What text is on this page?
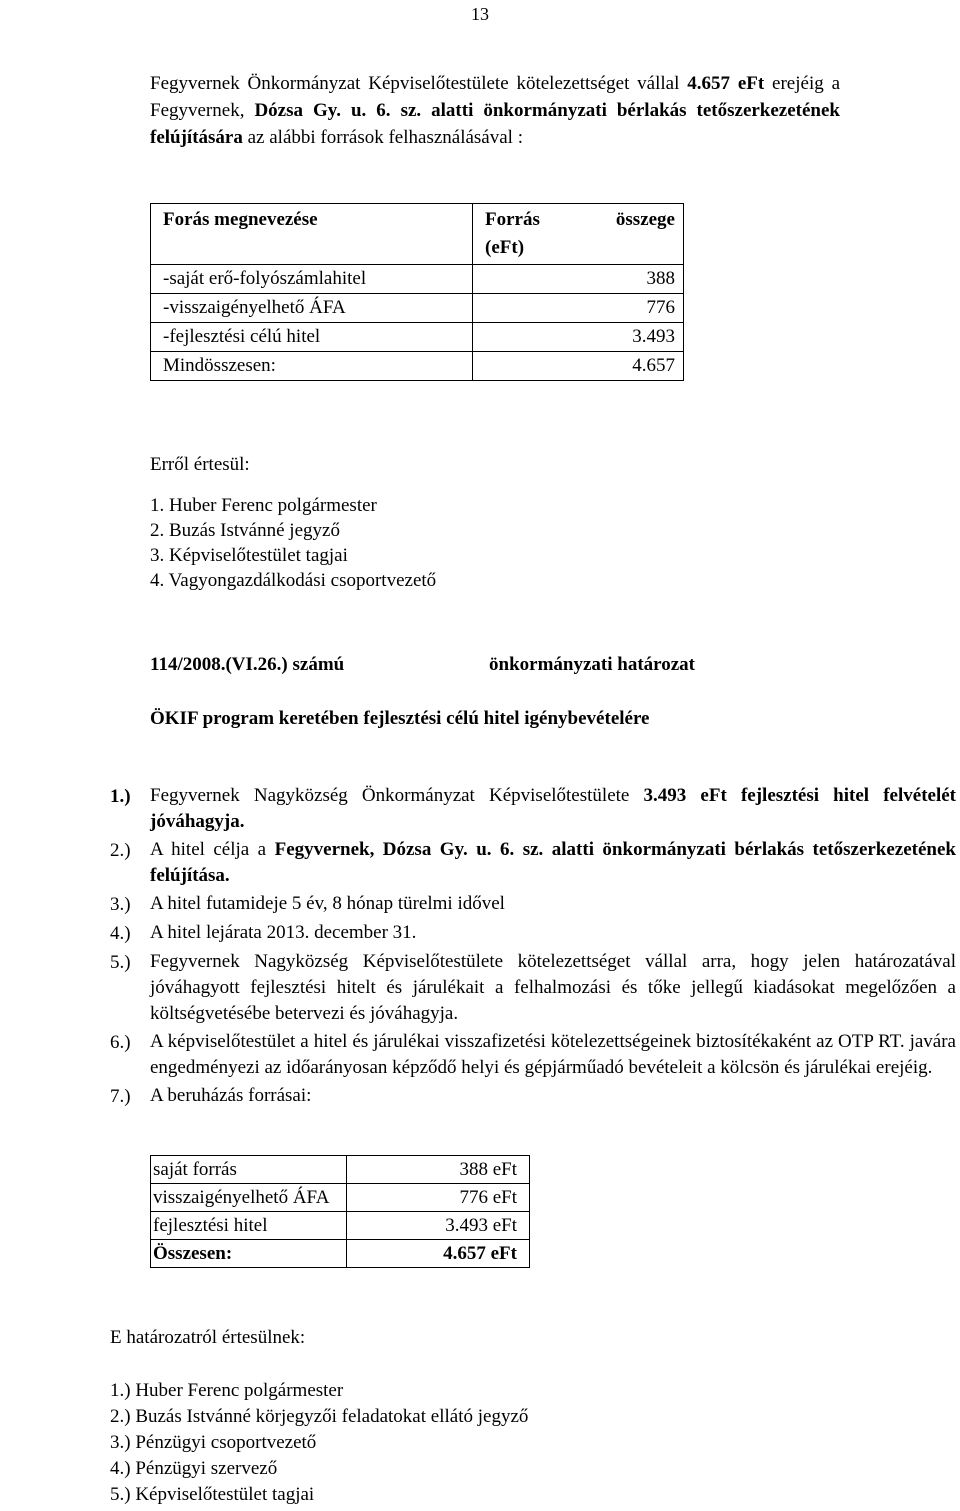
13

Fegyvernek Önkormányzat Képviselőtestülete kötelezettséget vállal 4.657 eFt erejéig a Fegyvernek, Dózsa Gy. u. 6. sz. alatti önkormányzati bérlakás tetőszerkezetének felújítására az alábbi források felhasználásával :

Forás megnevezése	Forrás összege
(eFt)

-saját erő-folyószámlahitel	388
-visszaigényelhető ÁFA	776
-fejlesztési célú hitel	3.493
Mindösszesen:	4.657
Erről értesül:
1. Huber Ferenc polgármester
2. Buzás Istvánné jegyző
3. Képviselőtestület tagjai
4. Vagyongazdálkodási csoportvezető
114/2008.(VI.26.) számú	önkormányzati határozat
ÖKIF program keretében fejlesztési célú hitel igénybevételére
1.)	Fegyvernek Nagyközség Önkormányzat Képviselőtestülete 3.493 eFt fejlesztési hitel felvételét jóváhagyja.
2.)	A hitel célja a Fegyvernek, Dózsa Gy. u. 6. sz. alatti önkormányzati bérlakás tetőszerkezetének felújítása.
3.)	A hitel futamideje 5 év, 8 hónap türelmi idővel
4.)	A hitel lejárata 2013. december 31.
5.)	Fegyvernek Nagyközség Képviselőtestülete kötelezettséget vállal arra, hogy jelen határozatával jóváhagyott fejlesztési hitelt és járulékait a felhalmozási és tőke jellegű kiadásokat megelőzően a költségvetésébe betervezi és jóváhagyja.
6.)	A képviselőtestület a hitel és járulékai visszafizetési kötelezettségeinek biztosítékaként az OTP RT. javára engedményezi az időarányosan képződő helyi és gépjárműadó bevételeit a kölcsön és járulékai erejéig.
7.)	A beruházás forrásai:
saját forrás	388 eFt
visszaigényelhető ÁFA	776 eFt
fejlesztési hitel	3.493 eFt
Összesen:	4.657 eFt
E határozatról értesülnek:
1.) Huber Ferenc polgármester
2.) Buzás Istvánné körjegyzői feladatokat ellátó jegyző
3.) Pénzügyi csoportvezető
4.) Pénzügyi szervező
5.) Képviselőtestület tagjai
